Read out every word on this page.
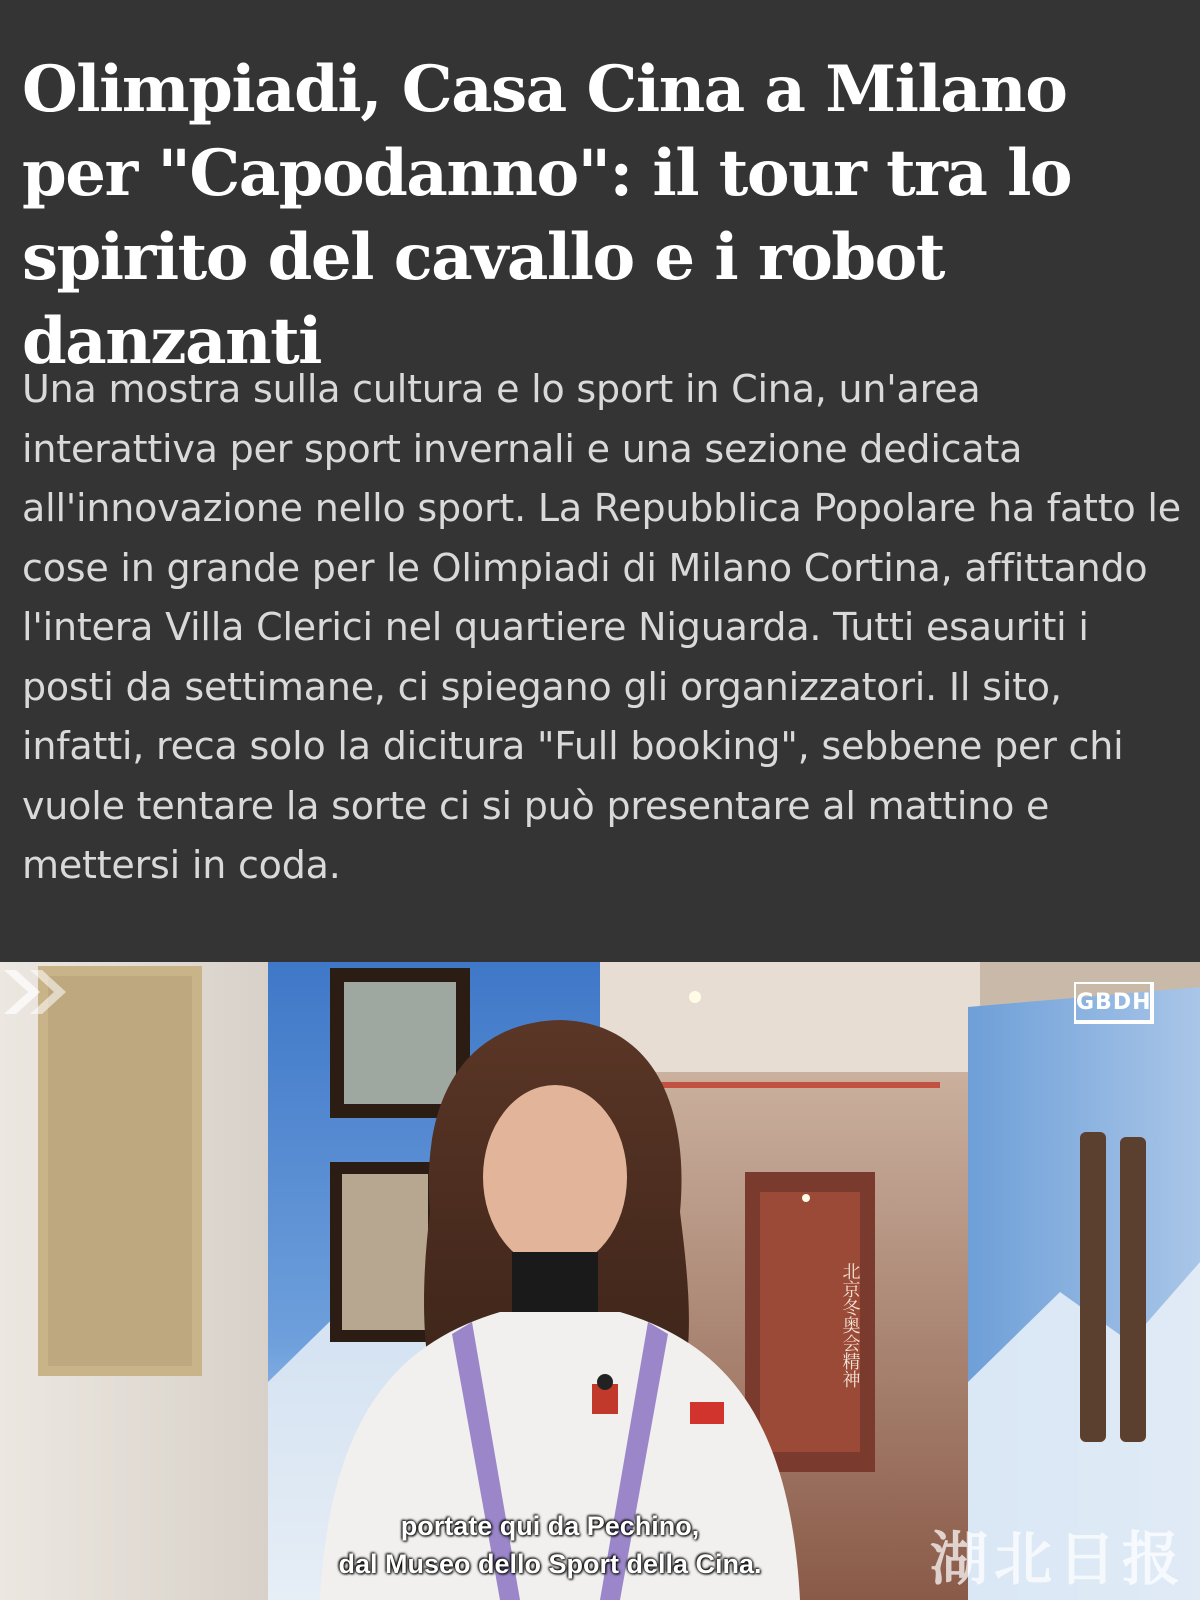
Olimpiadi, Casa Cina a Milano per "Capodanno": il tour tra lo spirito del cavallo e i robot danzanti

Una mostra sulla cultura e lo sport in Cina, un'area interattiva per sport invernali e una sezione dedicata all'innovazione nello sport. La Repubblica Popolare ha fatto le cose in grande per le Olimpiadi di Milano Cortina, affittando l'intera Villa Clerici nel quartiere Niguarda. Tutti esauriti i posti da settimane, ci spiegano gli organizzatori. Il sito, infatti, reca solo la dicitura "Full booking", sebbene per chi vuole tentare la sorte ci si può presentare al mattino e mettersi in coda.

北京冬奥会精神
GBDH
portate qui da Pechino,
dal Museo dello Sport della Cina.	湖北日报
